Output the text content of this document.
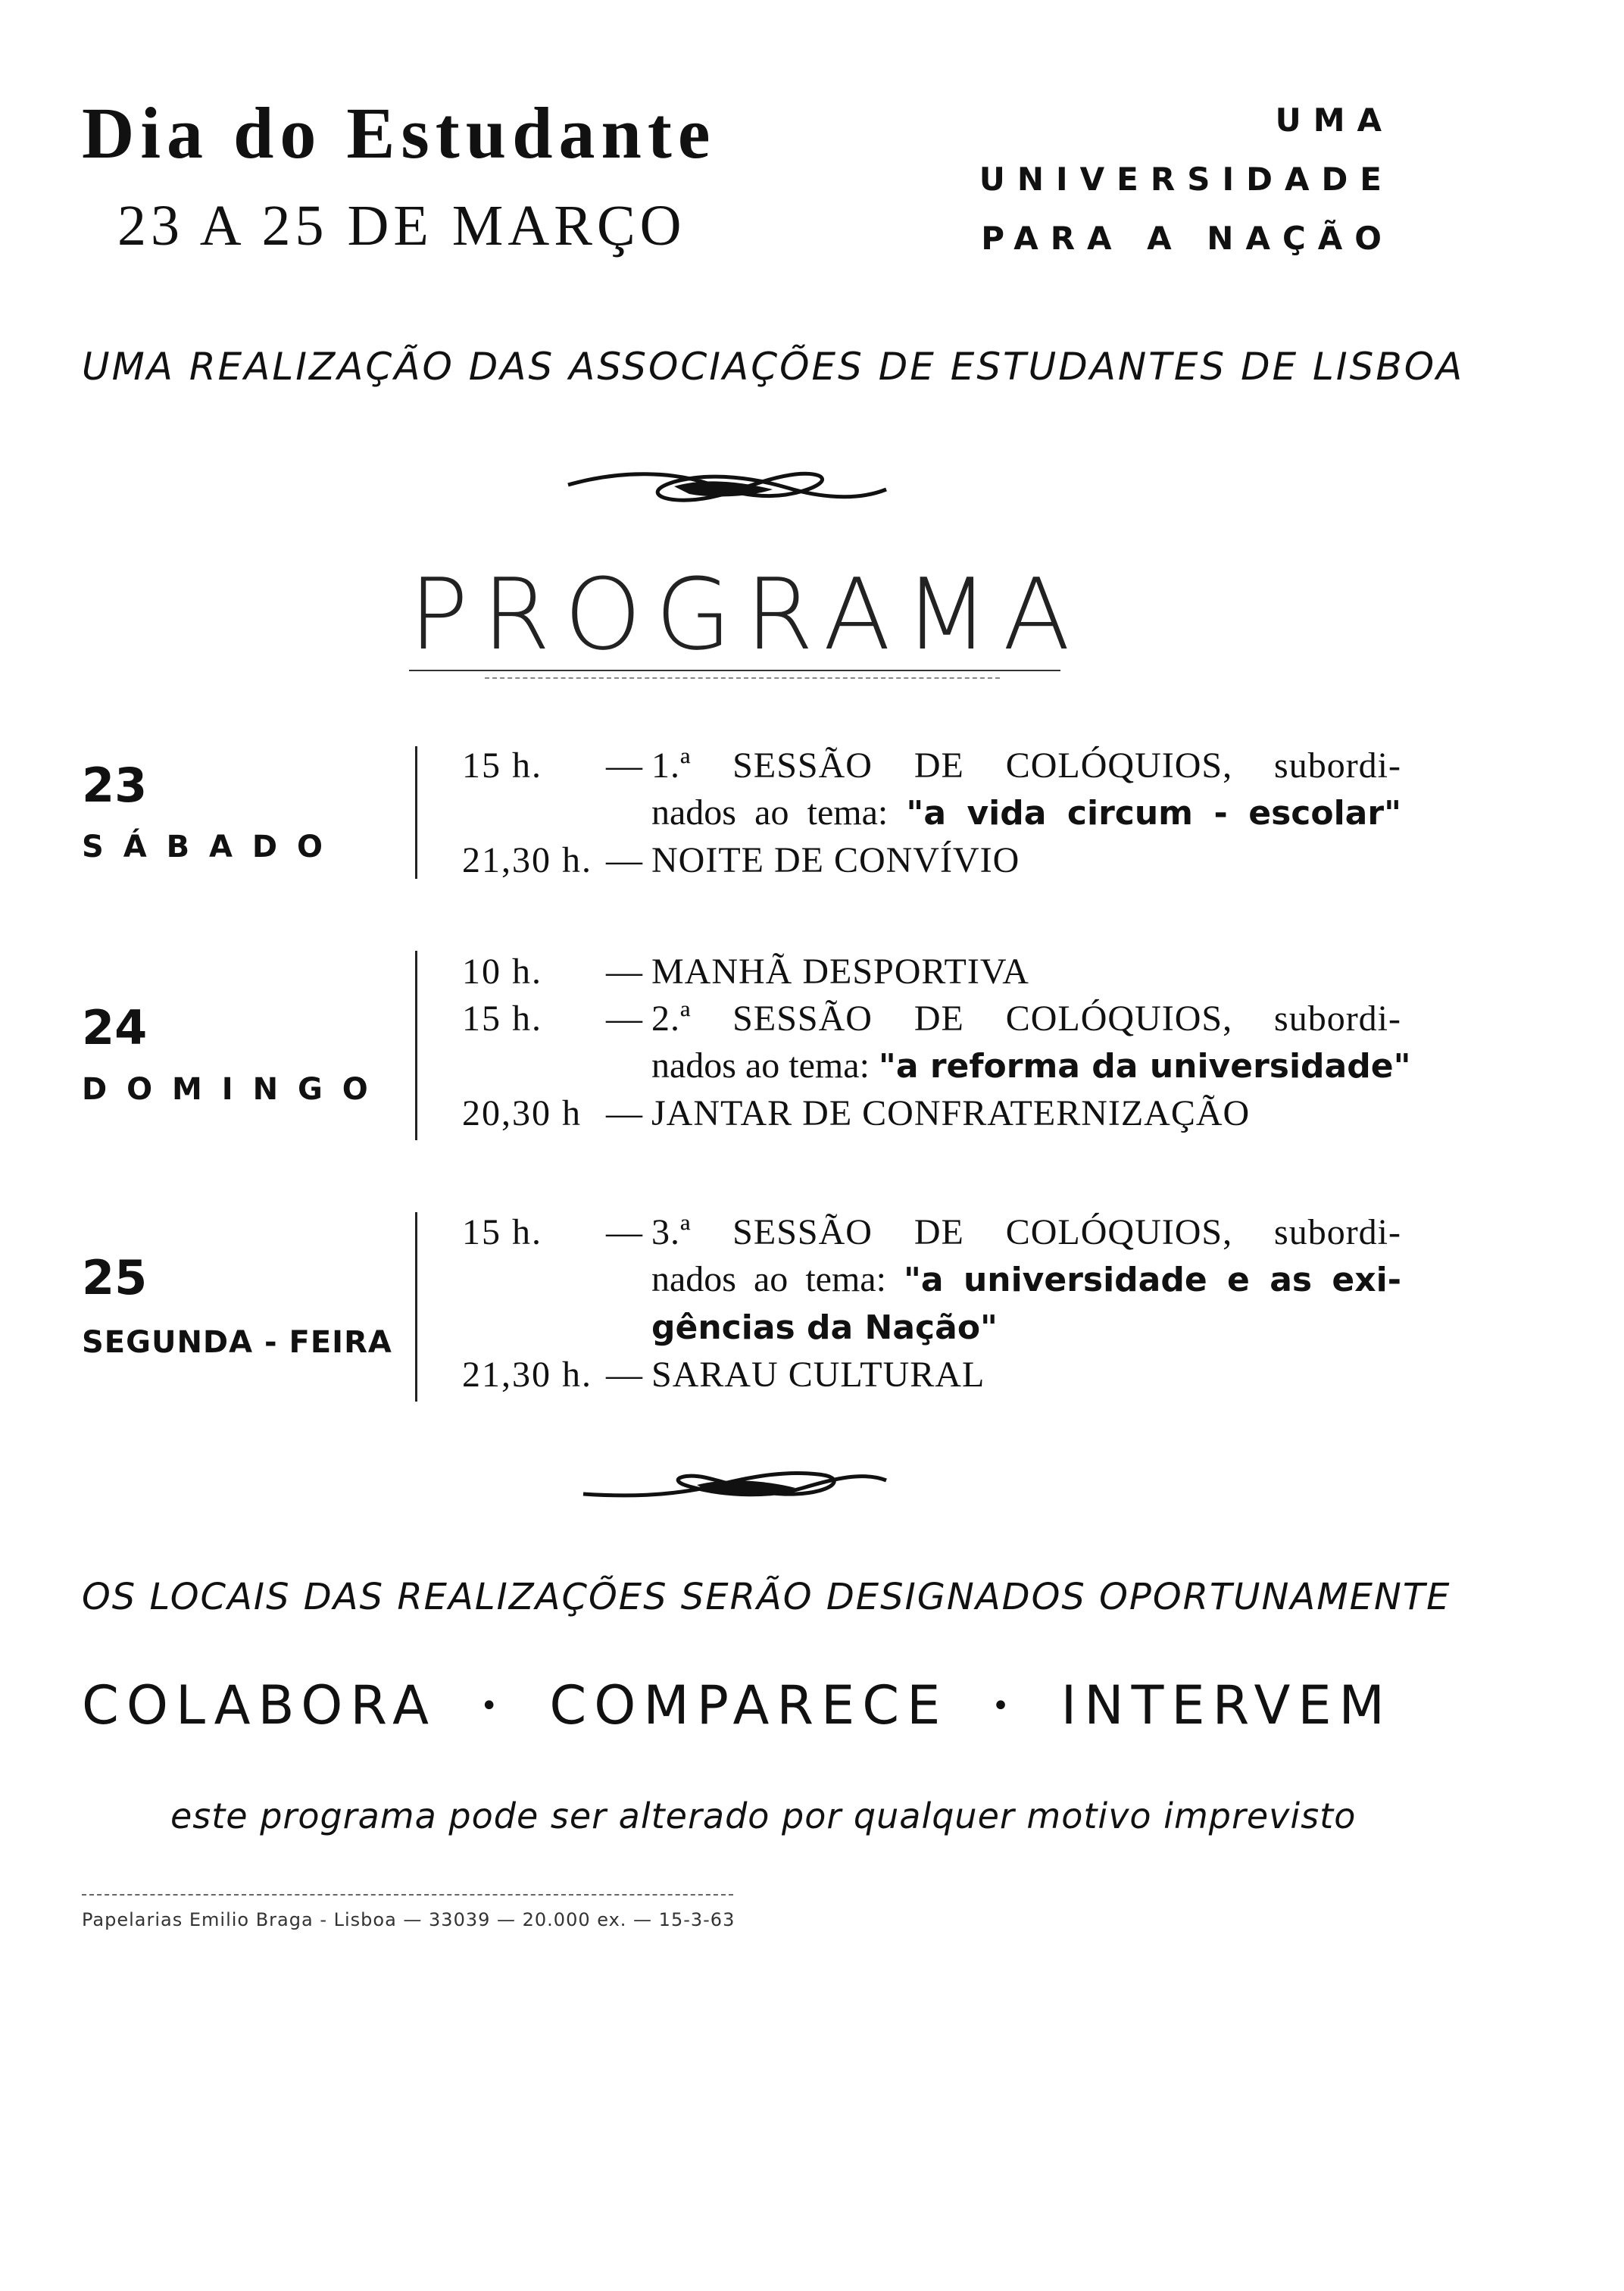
Dia do Estudante
23 A 25 DE MARÇO
UMA UNIVERSIDADE
PARA A NAÇÃO
UMA REALIZAÇÃO DAS ASSOCIAÇÕES DE ESTUDANTES DE LISBOA
PROGRAMA
23
S Á B A D O
15 h.	— 1.ª SESSÃO DE COLÓQUIOS, subordi-
nados ao tema: "a vida circum - escolar"
21,30 h. — NOITE DE CONVÍVIO
24
D O M I N G O
10 h.	— MANHÃ DESPORTIVA
15 h.	— 2.ª SESSÃO DE COLÓQUIOS, subordi-
nados ao tema: "a reforma da universidade"
20,30 h — JANTAR DE CONFRATERNIZAÇÃO
25
SEGUNDA - FEIRA
15 h.	— 3.ª SESSÃO DE COLÓQUIOS, subordi-
nados ao tema: "a universidade e as exi-
gências da Nação"
21,30 h. — SARAU CULTURAL
OS LOCAIS DAS REALIZAÇÕES SERÃO DESIGNADOS OPORTUNAMENTE
COLABORA • COMPARECE • INTERVEM
este programa pode ser alterado por qualquer motivo imprevisto
Papelarias Emilio Braga - Lisboa — 33039 — 20.000 ex. — 15-3-63
